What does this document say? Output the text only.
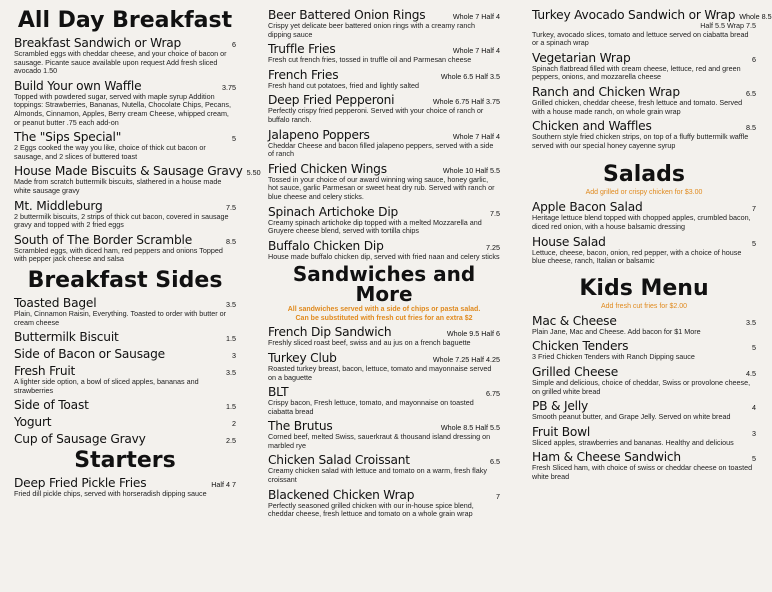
All Day Breakfast
Breakfast Sandwich or Wrap	6
Scrambled eggs with cheddar cheese, and your choice of bacon or sausage. Picante sauce available upon request Add fresh sliced avocado 1.50
Build Your own Waffle	3.75
Topped with powdered sugar, served with maple syrup Addition toppings: Strawberries, Bananas, Nutella, Chocolate Chips, Pecans, Almonds, Cinnamon, Apples, Berry cream Cheese, whipped cream, or peanut butter .75 each add-on
The "Sips Special"	5
2 Eggs cooked the way you like, choice of thick cut bacon or sausage, and 2 slices of buttered toast
House Made Biscuits & Sausage Gravy 5.50
Made from scratch buttermilk biscuits, slathered in a house made white sausage gravy
Mt. Middleburg	7.5
2 buttermilk biscuits, 2 strips of thick cut bacon, covered in sausage gravy and topped with 2 fried eggs
South of The Border Scramble	8.5
Scrambled eggs, with diced ham, red peppers and onions Topped with pepper jack cheese and salsa
Breakfast Sides
Toasted Bagel	3.5
Plain, Cinnamon Raisin, Everything. Toasted to order with butter or cream cheese
Buttermilk Biscuit	1.5
Side of Bacon or Sausage	3
Fresh Fruit	3.5
A lighter side option, a bowl of sliced apples, bananas and strawberries
Side of Toast	1.5
Yogurt	2
Cup of Sausage Gravy	2.5
Starters
Deep Fried Pickle Fries	Half 4 7
Fried dill pickle chips, served with horseradish dipping sauce
Beer Battered Onion Rings	Whole 7 Half 4
Crispy yet delicate beer battered onion rings with a creamy ranch dipping sauce
Truffle Fries	Whole 7 Half 4
Fresh cut french fries, tossed in truffle oil and Parmesan cheese
French Fries	Whole 6.5 Half 3.5
Fresh hand cut potatoes, fried and lightly salted
Deep Fried Pepperoni	Whole 6.75 Half 3.75
Perfectly crispy fried pepperoni. Served with your choice of ranch or buffalo ranch.
Jalapeno Poppers	Whole 7 Half 4
Cheddar Cheese and bacon filled jalapeno peppers, served with a side of ranch
Fried Chicken Wings	Whole 10 Half 5.5
Tossed in your choice of our award winning wing sauce, honey garlic, hot sauce, garlic Parmesan or sweet heat dry rub. Served with ranch or blue cheese and celery sticks.
Spinach Artichoke Dip	7.5
Creamy spinach artichoke dip topped with a melted Mozzarella and Gruyere cheese blend, served with tortilla chips
Buffalo Chicken Dip	7.25
House made buffalo chicken dip, served with fried naan and celery sticks
Sandwiches and More
All sandwiches served with a side of chips or pasta salad.
Can be substituted with fresh cut fries for an extra $2
French Dip Sandwich	Whole 9.5 Half 6
Freshly sliced roast beef, swiss and au jus on a french baguette
Turkey Club	Whole 7.25 Half 4.25
Roasted turkey breast, bacon, lettuce, tomato and mayonnaise served on a baguette
BLT	6.75
Crispy bacon, Fresh lettuce, tomato, and mayonnaise on toasted ciabatta bread
The Brutus	Whole 8.5 Half 5.5
Corned beef, melted Swiss, sauerkraut & thousand island dressing on marbled rye
Chicken Salad Croissant	6.5
Creamy chicken salad with lettuce and tomato on a warm, fresh flaky croissant
Blackened Chicken Wrap	7
Perfectly seasoned grilled chicken with our in-house spice blend, cheddar cheese, fresh lettuce and tomato on a whole grain wrap
Turkey Avocado Sandwich or Wrap Whole 8.5
Half 5.5 Wrap 7.5
Turkey, avocado slices, tomato and lettuce served on ciabatta bread or a spinach wrap
Vegetarian Wrap	6
Spinach flatbread filled with cream cheese, lettuce, red and green peppers, onions, and mozzarella cheese
Ranch and Chicken Wrap	6.5
Grilled chicken, cheddar cheese, fresh lettuce and tomato. Served with a house made ranch, on whole grain wrap
Chicken and Waffles	8.5
Southern style fried chicken strips, on top of a fluffy buttermilk waffle served with our special honey cayenne syrup
Salads
Add grilled or crispy chicken for $3.00
Apple Bacon Salad	7
Heritage lettuce blend topped with chopped apples, crumbled bacon, diced red onion, with a house balsamic dressing
House Salad	5
Lettuce, cheese, bacon, onion, red pepper, with a choice of house blue cheese, ranch, Italian or balsamic
Kids Menu
Add fresh cut fries for $2.00
Mac & Cheese	3.5
Plain Jane, Mac and Cheese. Add bacon for $1 More
Chicken Tenders	5
3 Fried Chicken Tenders with Ranch Dipping sauce
Grilled Cheese	4.5
Simple and delicious, choice of cheddar, Swiss or provolone cheese, on grilled white bread
PB & Jelly	4
Smooth peanut butter, and Grape Jelly. Served on white bread
Fruit Bowl	3
Sliced apples, strawberries and bananas. Healthy and delicious
Ham & Cheese Sandwich	5
Fresh Sliced ham, with choice of swiss or cheddar cheese on toasted white bread
